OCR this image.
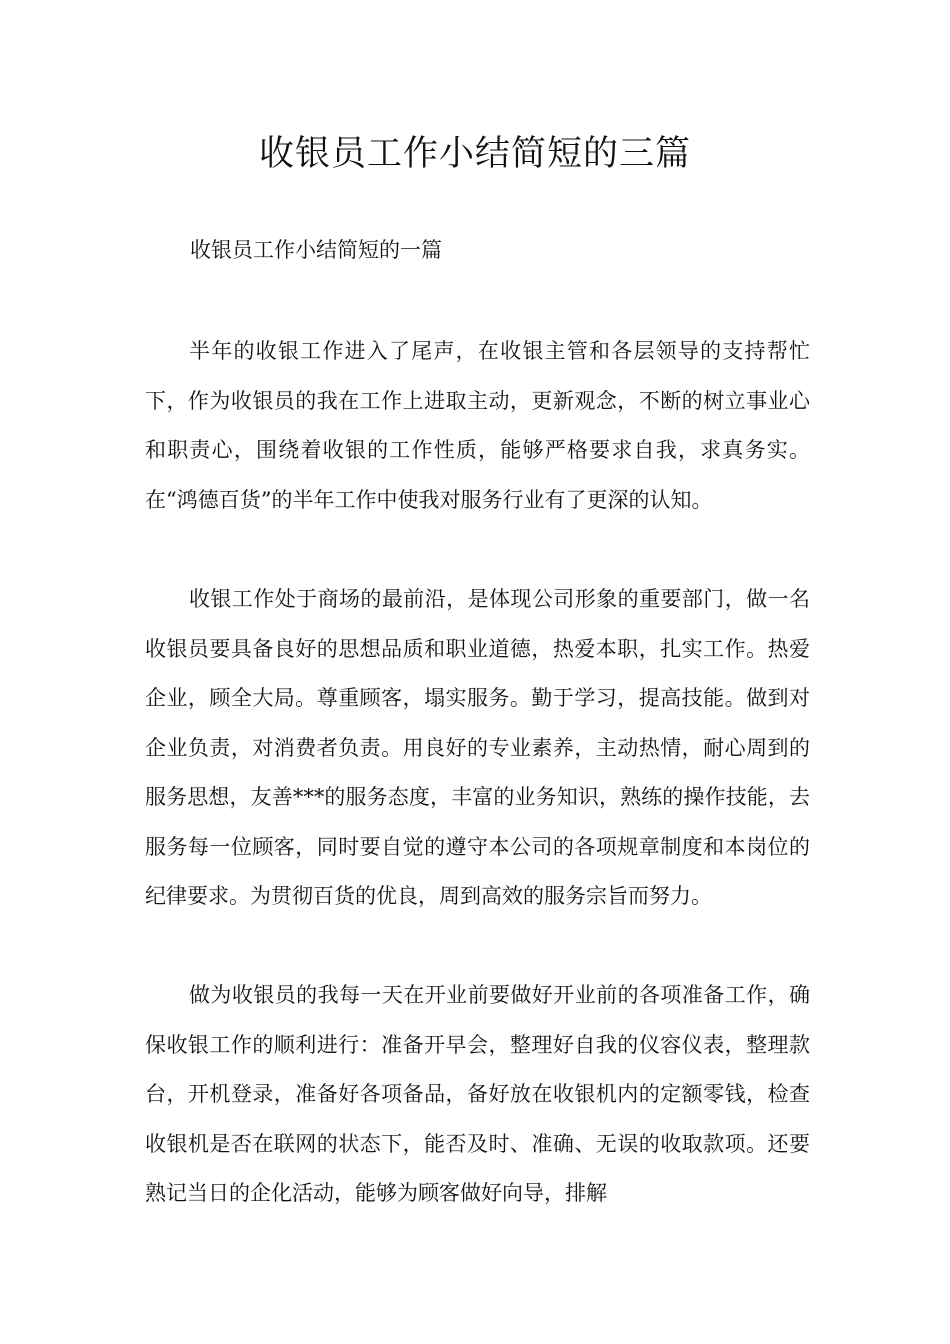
收银员工作小结简短的三篇

收银员工作小结简短的一篇

半年的收银工作进入了尾声，在收银主管和各层领导的支持帮忙下，作为收银员的我在工作上进取主动，更新观念，不断的树立事业心和职责心，围绕着收银的工作性质，能够严格要求自我，求真务实。在“鸿德百货”的半年工作中使我对服务行业有了更深的认知。

收银工作处于商场的最前沿，是体现公司形象的重要部门，做一名收银员要具备良好的思想品质和职业道德，热爱本职，扎实工作。热爱企业，顾全大局。尊重顾客，塌实服务。勤于学习，提高技能。做到对企业负责，对消费者负责。用良好的专业素养，主动热情，耐心周到的服务思想，友善***的服务态度，丰富的业务知识，熟练的操作技能，去服务每一位顾客，同时要自觉的遵守本公司的各项规章制度和本岗位的纪律要求。为贯彻百货的优良，周到高效的服务宗旨而努力。

做为收银员的我每一天在开业前要做好开业前的各项准备工作，确保收银工作的顺利进行：准备开早会，整理好自我的仪容仪表，整理款台，开机登录，准备好各项备品，备好放在收银机内的定额零钱，检查收银机是否在联网的状态下，能否及时、准确、无误的收取款项。还要熟记当日的企化活动，能够为顾客做好向导，排解
